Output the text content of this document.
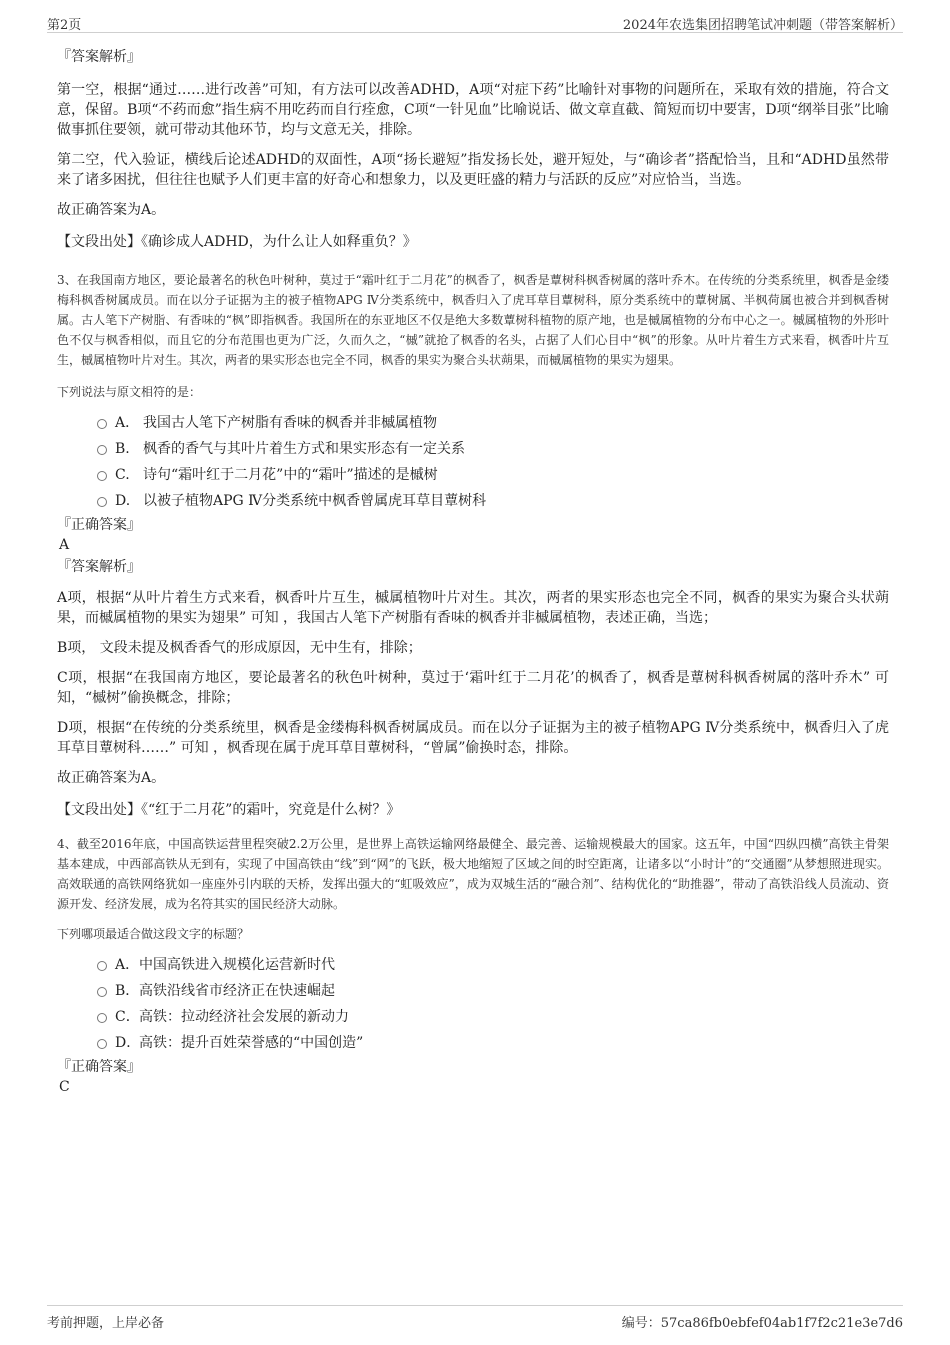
第2页	2024年农选集团招聘笔试冲刺题（带答案解析）

『答案解析』

第一空，根据“通过……进行改善”可知，有方法可以改善ADHD，A项“对症下药”比喻针对事物的问题所在，采取有效的措施，符合文意，保留。B项“不药而愈”指生病不用吃药而自行痊愈，C项“一针见血”比喻说话、做文章直截、简短而切中要害，D项“纲举目张”比喻做事抓住要领，就可带动其他环节，均与文意无关，排除。

第二空，代入验证，横线后论述ADHD的双面性，A项“扬长避短”指发扬长处，避开短处，与“确诊者”搭配恰当，且和“ADHD虽然带来了诸多困扰，但往往也赋予人们更丰富的好奇心和想象力，以及更旺盛的精力与活跃的反应”对应恰当，当选。

故正确答案为A。

【文段出处】《确诊成人ADHD，为什么让人如释重负？》

3、在我国南方地区，要论最著名的秋色叶树种，莫过于“霜叶红于二月花”的枫香了，枫香是蕈树科枫香树属的落叶乔木。在传统的分类系统里，枫香是金缕梅科枫香树属成员。而在以分子证据为主的被子植物APG Ⅳ分类系统中，枫香归入了虎耳草目蕈树科，原分类系统中的蕈树属、半枫荷属也被合并到枫香树属。古人笔下产树脂、有香味的“枫”即指枫香。我国所在的东亚地区不仅是绝大多数蕈树科植物的原产地，也是槭属植物的分布中心之一。槭属植物的外形叶色不仅与枫香相似，而且它的分布范围也更为广泛，久而久之，“槭”就抢了枫香的名头，占据了人们心目中“枫”的形象。从叶片着生方式来看，枫香叶片互生，槭属植物叶片对生。其次，两者的果实形态也完全不同，枫香的果实为聚合头状蒴果，而槭属植物的果实为翅果。

下列说法与原文相符的是：

A． 我国古人笔下产树脂有香味的枫香并非槭属植物
B. 枫香的香气与其叶片着生方式和果实形态有一定关系
C. 诗句“霜叶红于二月花”中的“霜叶”描述的是槭树
D. 以被子植物APG Ⅳ分类系统中枫香曾属虎耳草目蕈树科

『正确答案』

A

『答案解析』

A项，根据“从叶片着生方式来看，枫香叶片互生，槭属植物叶片对生。其次，两者的果实形态也完全不同，枫香的果实为聚合头状蒴果，而槭属植物的果实为翅果” 可知 ，我国古人笔下产树脂有香味的枫香并非槭属植物，表述正确，当选；

B项， 文段未提及枫香香气的形成原因，无中生有，排除；

C项，根据“在我国南方地区，要论最著名的秋色叶树种，莫过于‘霜叶红于二月花’的枫香了，枫香是蕈树科枫香树属的落叶乔木” 可知，“槭树”偷换概念，排除；

D项，根据“在传统的分类系统里，枫香是金缕梅科枫香树属成员。而在以分子证据为主的被子植物APG Ⅳ分类系统中，枫香归入了虎耳草目蕈树科……” 可知 ，枫香现在属于虎耳草目蕈树科，“曾属”偷换时态，排除。

故正确答案为A。

【文段出处】《“红于二月花”的霜叶，究竟是什么树？》

4、截至2016年底，中国高铁运营里程突破2.2万公里，是世界上高铁运输网络最健全、最完善、运输规模最大的国家。这五年，中国“四纵四横”高铁主骨架基本建成，中西部高铁从无到有，实现了中国高铁由“线”到“网”的飞跃，极大地缩短了区域之间的时空距离，让诸多以“小时计”的“交通圈”从梦想照进现实。高效联通的高铁网络犹如一座座外引内联的天桥，发挥出强大的“虹吸效应”，成为双城生活的“融合剂”、结构优化的“助推器”，带动了高铁沿线人员流动、资源开发、经济发展，成为名符其实的国民经济大动脉。

下列哪项最适合做这段文字的标题？

A．中国高铁进入规模化运营新时代
B．高铁沿线省市经济正在快速崛起
C．高铁：拉动经济社会发展的新动力
D．高铁：提升百姓荣誉感的“中国创造”

『正确答案』

C

考前押题，上岸必备	编号：57ca86fb0ebfef04ab1f7f2c21e3e7d6
